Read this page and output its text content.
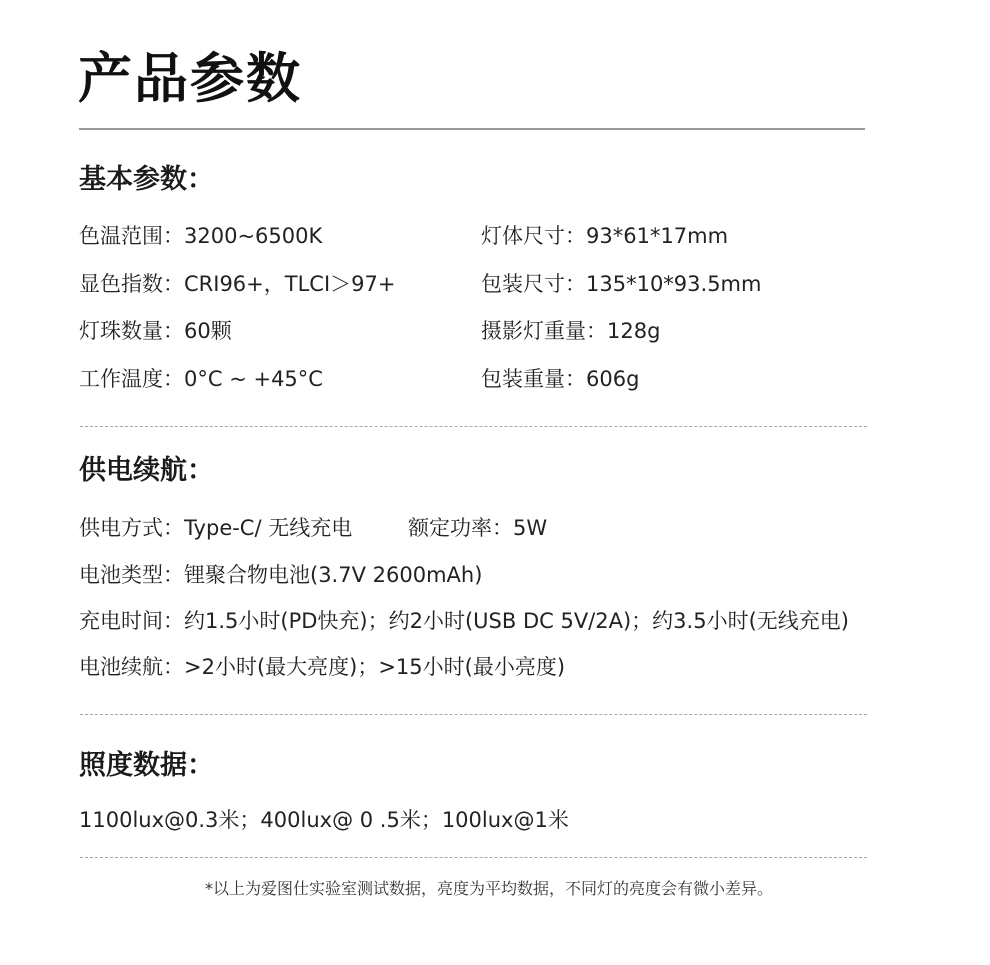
产品参数
基本参数：
色温范围：3200~6500K	灯体尺寸：93*61*17mm
显色指数：CRI96+，TLCI＞97+	包装尺寸：135*10*93.5mm
灯珠数量：60颗	摄影灯重量：128g
工作温度：0°C ~ +45°C	包装重量：606g
供电续航：
供电方式：Type-C/ 无线充电	额定功率：5W
电池类型：锂聚合物电池(3.7V 2600mAh)
充电时间：约1.5小时(PD快充)；约2小时(USB DC 5V/2A)；约3.5小时(无线充电)
电池续航：>2小时(最大亮度)；>15小时(最小亮度)
照度数据：
1100lux@0.3米；400lux@ 0 .5米；100lux@1米
*以上为爱图仕实验室测试数据，亮度为平均数据，不同灯的亮度会有微小差异。
